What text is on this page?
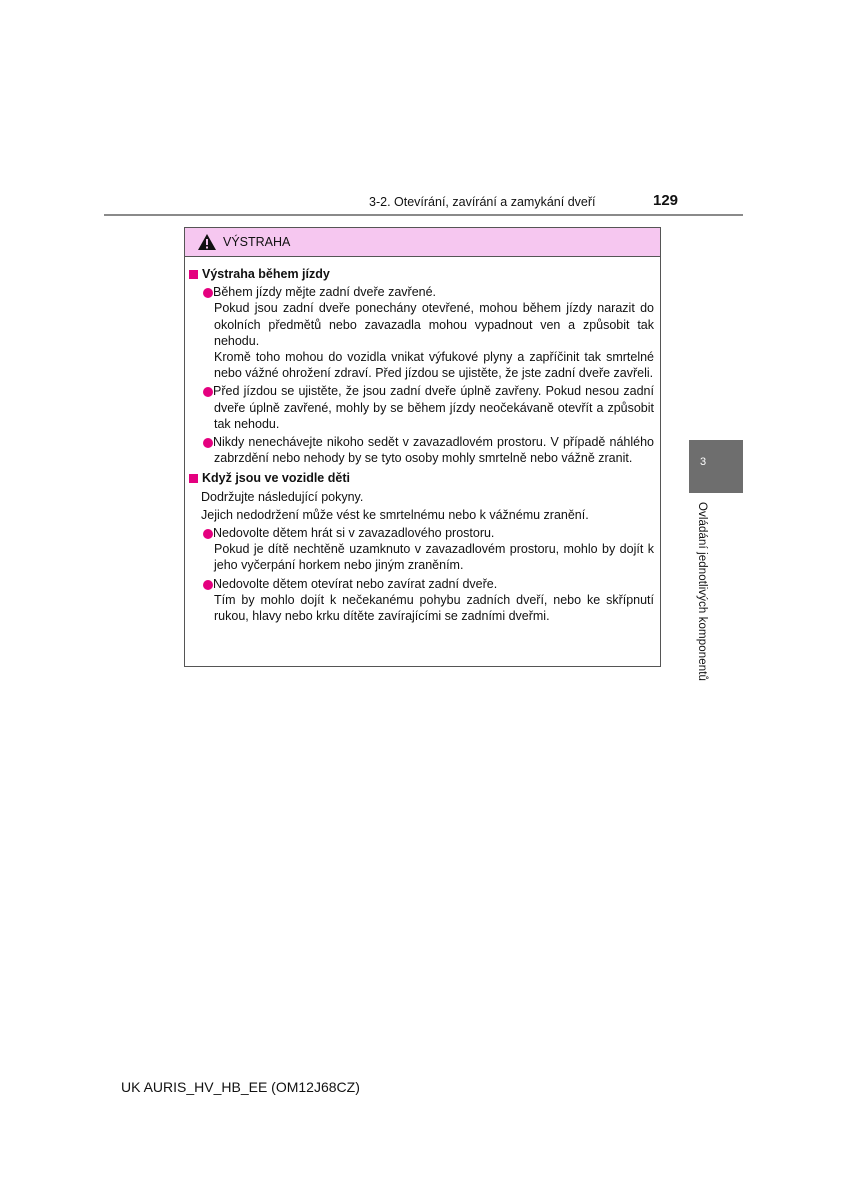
3-2. Otevírání, zavírání a zamykání dveří	129
VÝSTRAHA
Výstraha během jízdy

Během jízdy mějte zadní dveře zavřené.

Pokud jsou zadní dveře ponechány otevřené, mohou během jízdy narazit do okolních předmětů nebo zavazadla mohou vypadnout ven a způsobit tak nehodu.

Kromě toho mohou do vozidla vnikat výfukové plyny a zapříčinit tak smrtelné nebo vážné ohrožení zdraví. Před jízdou se ujistěte, že jste zadní dveře zavřeli.

Před jízdou se ujistěte, že jsou zadní dveře úplně zavřeny. Pokud nesou zadní dveře úplně zavřené, mohly by se během jízdy neočekávaně otevřít a způsobit tak nehodu.

Nikdy nenechávejte nikoho sedět v zavazadlovém prostoru. V případě náhlého zabrzdění nebo nehody by se tyto osoby mohly smrtelně nebo vážně zranit.

Když jsou ve vozidle děti
Dodržujte následující pokyny.
Jejich nedodržení může vést ke smrtelnému nebo k vážnému zranění.

Nedovolte dětem hrát si v zavazadlového prostoru.

Pokud je dítě nechtěně uzamknuto v zavazadlovém prostoru, mohlo by dojít k jeho vyčerpání horkem nebo jiným zraněním.

Nedovolte dětem otevírat nebo zavírat zadní dveře.

Tím by mohlo dojít k nečekanému pohybu zadních dveří, nebo ke skřípnutí rukou, hlavy nebo krku dítěte zavírajícími se zadními dveřmi.

3
Ovládání jednotlivých komponentů
UK AURIS_HV_HB_EE (OM12J68CZ)
